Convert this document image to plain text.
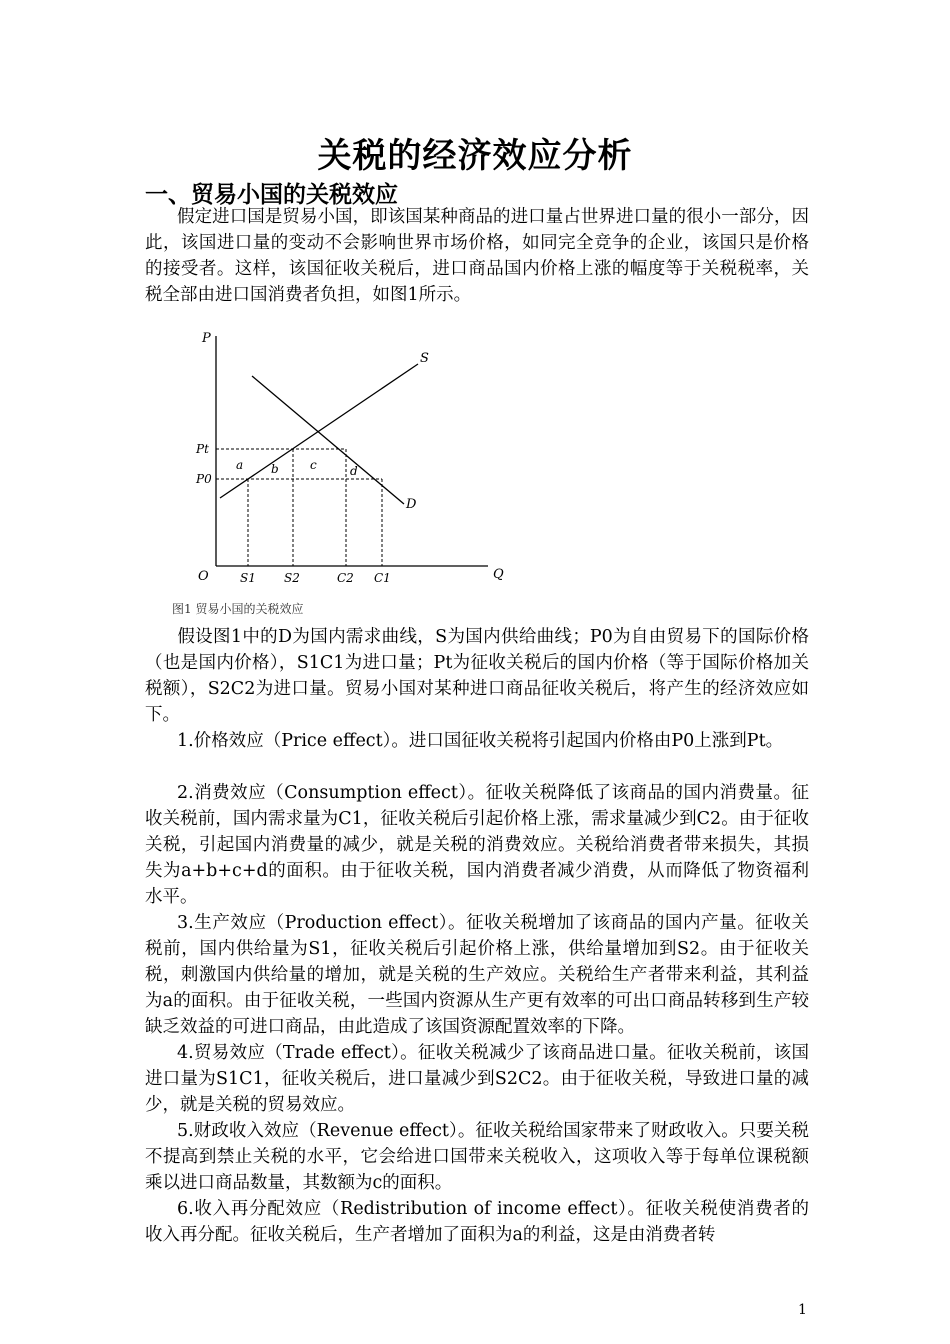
关税的经济效应分析
一、贸易小国的关税效应
假定进口国是贸易小国，即该国某种商品的进口量占世界进口量的很小一部分，因此，该国进口量的变动不会影响世界市场价格，如同完全竞争的企业，该国只是价格的接受者。这样，该国征收关税后，进口商品国内价格上涨的幅度等于关税税率，关税全部由进口国消费者负担，如图1所示。
P
Q
O
S
D
Pt
P0
a b	c	d
S1 S2	C2 C1
图1 贸易小国的关税效应
假设图1中的D为国内需求曲线，S为国内供给曲线；P0为自由贸易下的国际价格（也是国内价格），S1C1为进口量；Pt为征收关税后的国内价格（等于国际价格加关税额），S2C2为进口量。贸易小国对某种进口商品征收关税后，将产生的经济效应如下。
1.价格效应（Price effect）。进口国征收关税将引起国内价格由P0上涨到Pt。
2.消费效应（Consumption effect）。征收关税降低了该商品的国内消费量。征收关税前，国内需求量为C1，征收关税后引起价格上涨，需求量减少到C2。由于征收关税，引起国内消费量的减少，就是关税的消费效应。关税给消费者带来损失，其损失为a+b+c+d的面积。由于征收关税，国内消费者减少消费，从而降低了物资福利水平。
3.生产效应（Production effect）。征收关税增加了该商品的国内产量。征收关税前，国内供给量为S1，征收关税后引起价格上涨，供给量增加到S2。由于征收关税，刺激国内供给量的增加，就是关税的生产效应。关税给生产者带来利益，其利益为a的面积。由于征收关税，一些国内资源从生产更有效率的可出口商品转移到生产较缺乏效益的可进口商品，由此造成了该国资源配置效率的下降。
4.贸易效应（Trade effect）。征收关税减少了该商品进口量。征收关税前，该国进口量为S1C1，征收关税后，进口量减少到S2C2。由于征收关税，导致进口量的减少，就是关税的贸易效应。
5.财政收入效应（Revenue effect）。征收关税给国家带来了财政收入。只要关税不提高到禁止关税的水平，它会给进口国带来关税收入，这项收入等于每单位课税额乘以进口商品数量，其数额为c的面积。
6.收入再分配效应（Redistribution of income effect）。征收关税使消费者的收入再分配。征收关税后，生产者增加了面积为a的利益，这是由消费者转
1
